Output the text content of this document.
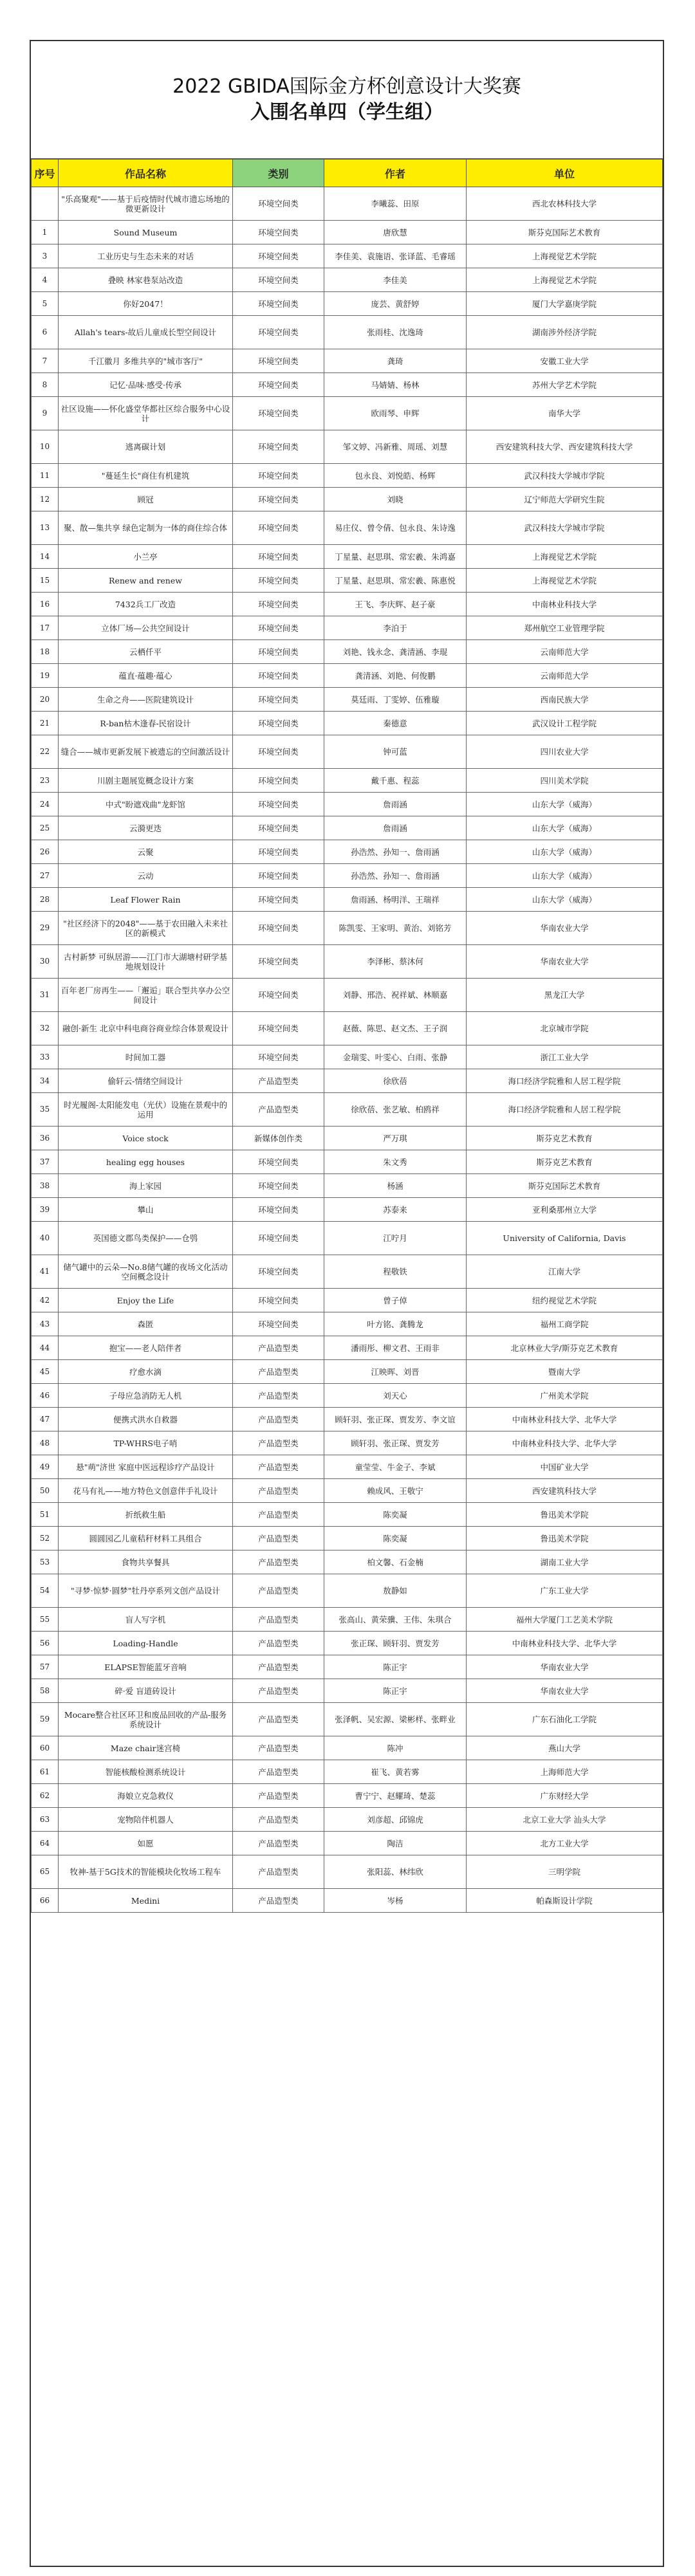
2022 GBIDA国际金方杯创意设计大奖赛
入围名单四（学生组）
序号	作品名称	类别	作者	单位
	"乐高聚观"——基于后疫情时代城市遗忘场地的微更新设计	环境空间类	李曦蕊、田原	西北农林科技大学
1	Sound Museum	环境空间类	唐欣慧	斯芬克国际艺术教育
3	工业历史与生态未来的对话	环境空间类	李佳美、袁施语、张译蓝、毛睿瑶	上海视觉艺术学院
4	叠映 林家巷泵站改造	环境空间类	李佳美	上海视觉艺术学院
5	你好2047！	环境空间类	庞芸、黄舒婷	厦门大学嘉庚学院
6	Allah's tears-故后儿童成长型空间设计	环境空间类	张雨桂、沈逸琦	湖南涉外经济学院
7	千江徽月 多维共享的"城市客厅"	环境空间类	龚琦	安徽工业大学
8	记忆·品味·感受·传承	环境空间类	马婧婧、杨林	苏州大学艺术学院
9	社区设施——怀化盛堂华都社区综合服务中心设计	环境空间类	欧雨琴、申辉	南华大学
10	逃离碳计划	环境空间类	邹文婷、冯新雅、周瑶、刘慧	西安建筑科技大学、西安建筑科技大学
11	"蔓延生长"商住有机建筑	环境空间类	包永良、刘悦皓、杨辉	武汉科技大学城市学院
12	顾冠	环境空间类	刘晓	辽宁师范大学研究生院
13	聚、散—集共享 绿色定制为一体的商住综合体	环境空间类	易庄仪、曾令倩、包永良、朱诗逸	武汉科技大学城市学院
14	小兰亭	环境空间类	丁星量、赵思琪、常宏羲、朱鸿嘉	上海视觉艺术学院
15	Renew and renew	环境空间类	丁星量、赵思琪、常宏羲、陈惠悦	上海视觉艺术学院
16	7432兵工厂改造	环境空间类	王飞、李庆辉、赵子豪	中南林业科技大学
17	立体厂场—公共空间设计	环境空间类	李泊于	郑州航空工业管理学院
18	云栖仟平	环境空间类	刘艳、钱永念、龚清涵、李琨	云南师范大学
19	蕴直·蕴趣·蕴心	环境空间类	龚清涵、刘艳、何俊鹏	云南师范大学
20	生命之舟——医院建筑设计	环境空间类	莫廷雨、丁雯婷、伍雅璇	西南民族大学
21	R-ban枯木逢春-民宿设计	环境空间类	秦德意	武汉设计工程学院
22	缝合——城市更新发展下被遗忘的空间激活设计	环境空间类	钟可蓝	四川农业大学
23	川剧主题展览概念设计方案	环境空间类	戴千惠、程蕊	四川美术学院
24	中式"盼遮戏曲"龙虾馆	环境空间类	詹雨涵	山东大学（威海）
25	云漪更迭	环境空间类	詹雨涵	山东大学（威海）
26	云聚	环境空间类	孙浩然、孙知一、詹雨涵	山东大学（威海）
27	云动	环境空间类	孙浩然、孙知一、詹雨涵	山东大学（威海）
28	Leaf Flower Rain	环境空间类	詹雨涵、杨明洋、王瑞祥	山东大学（威海）
29	"社区经济下的2048"——基于农田融入未来社区的新模式	环境空间类	陈凯雯、王家明、黄治、刘铭芳	华南农业大学
30	古村新梦 可纵居游——江门市大湖塘村研学基地规划设计	环境空间类	李泽彬、蔡沐何	华南农业大学
31	百年老厂房再生——「邂逅」联合型共享办公空间设计	环境空间类	刘静、邢浩、祝祥斌、林顺嘉	黑龙江大学
32	融创·新生 北京中科电商谷商业综合体景观设计	环境空间类	赵薇、陈思、赵文杰、王子润	北京城市学院
33	时间加工器	环境空间类	金瑞雯、叶雯心、白雨、张静	浙江工业大学
34	偷轩云-情绪空间设计	产品造型类	徐欣蓓	海口经济学院雅和人居工程学院
35	时光履阁-太阳能发电（光伏）设施在景观中的运用	产品造型类	徐欣蓓、张艺敏、柏鸥祥	海口经济学院雅和人居工程学院
36	Voice stock	新媒体创作类	严万琪	斯芬克艺术教育
37	healing egg houses	环境空间类	朱文秀	斯芬克艺术教育
38	海上家园	环境空间类	杨涵	斯芬克国际艺术教育
39	攀山	环境空间类	苏泰来	亚利桑那州立大学
40	英国德文郡鸟类保护——仓鸮	环境空间类	江咛月	University of California, Davis
41	储气罐中的云朵—No.8储气罐的夜场文化活动空间概念设计	环境空间类	程敬铁	江南大学
42	Enjoy the Life	环境空间类	曾子倬	纽约视觉艺术学院
43	森匿	环境空间类	叶方铭、龚腾龙	福州工商学院
44	抱宝——老人陪伴者	产品造型类	潘雨彤、柳文君、王雨非	北京林业大学/斯芬克艺术教育
45	疗愈水滴	产品造型类	江映晖、刘晋	暨南大学
46	子母应急消防无人机	产品造型类	刘天心	广州美术学院
47	便携式洪水自救器	产品造型类	顾轩羽、张正琛、贾发芳、李文谊	中南林业科技大学、北华大学
48	TP-WHRS电子哨	产品造型类	顾轩羽、张正琛、贾发芳	中南林业科技大学、北华大学
49	悬"萌"济世 家庭中医远程诊疗产品设计	产品造型类	童莹莹、牛金子、李斌	中国矿业大学
50	花马有礼——地方特色文创意伴手礼设计	产品造型类	赖成风、王敬宁	西安建筑科技大学
51	折纸救生船	产品造型类	陈奕凝	鲁迅美术学院
52	圆圆园乙儿童秸秆材料工具组合	产品造型类	陈奕凝	鲁迅美术学院
53	食物共享餐具	产品造型类	柏文馨、石金楠	湖南工业大学
54	"寻梦·惊梦·圆梦"牡丹亭系列文创产品设计	产品造型类	敖静如	广东工业大学
55	盲人写字机	产品造型类	张高山、黄荣骥、王伟、朱琪合	福州大学厦门工艺美术学院
56	Loading-Handle	产品造型类	张正琛、顾轩羽、贾发芳	中南林业科技大学、北华大学
57	ELAPSE智能蓝牙音响	产品造型类	陈正宇	华南农业大学
58	碎·爱 盲道砖设计	产品造型类	陈正宇	华南农业大学
59	Mocare整合社区环卫和废品回收的产品-服务系统设计	产品造型类	张泽帆、吴宏源、梁彬样、张畔业	广东石油化工学院
60	Maze chair迷宫椅	产品造型类	陈冲	燕山大学
61	智能核酸检测系统设计	产品造型类	崔飞、黄若雾	上海师范大学
62	海娘立克急救仪	产品造型类	曹宁宁、赵耀琦、楚蕊	广东财经大学
63	宠物陪伴机器人	产品造型类	刘彦超、邱锦虎	北京工业大学 汕头大学
64	如愿	产品造型类	陶洁	北方工业大学
65	牧神-基于5G技术的智能模块化牧场工程车	产品造型类	张阳蕊、林纬欣	三明学院
66	Medini	产品造型类	岑杨	帕森斯设计学院
